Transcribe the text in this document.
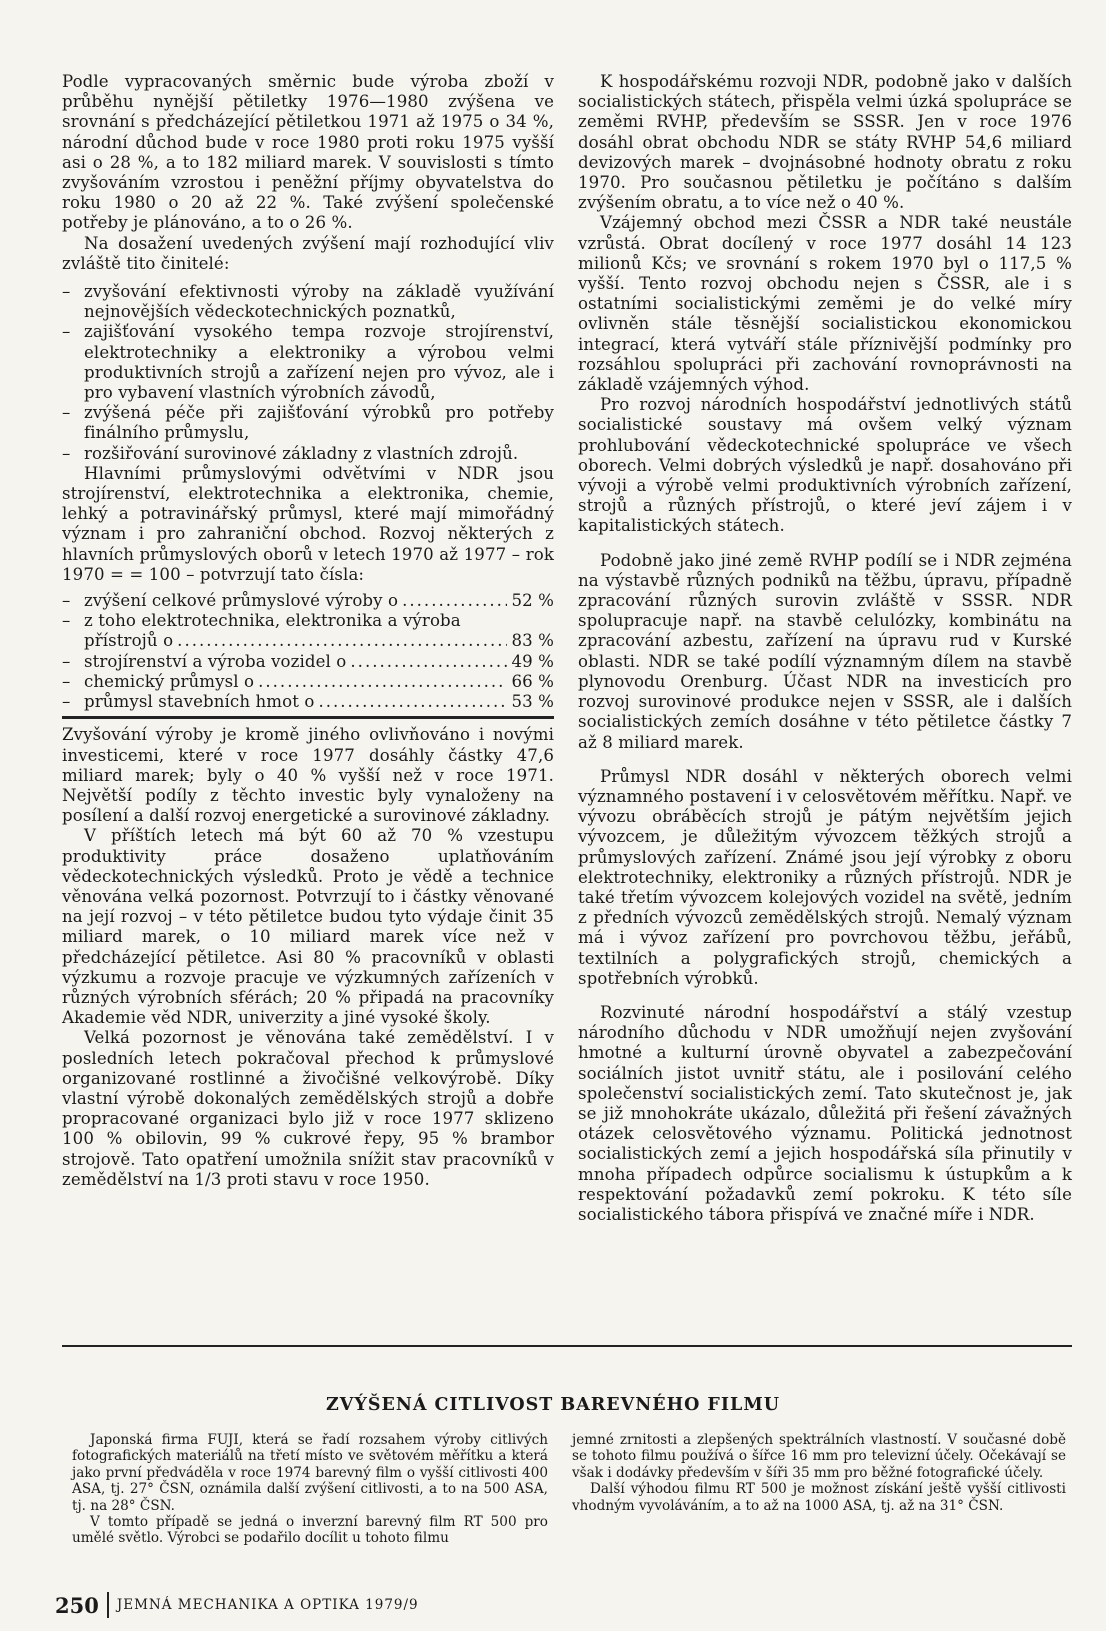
Podle vypracovaných směrnic bude výroba zboží v průběhu nynější pětiletky 1976—1980 zvýšena ve srovnání s předcházející pětiletkou 1971 až 1975 o 34 %, národní důchod bude v roce 1980 proti roku 1975 vyšší asi o 28 %, a to 182 miliard marek. V souvislosti s tímto zvyšováním vzrostou i peněžní příjmy obyvatelstva do roku 1980 o 20 až 22 %. Také zvýšení společenské potřeby je plánováno, a to o 26 %.

Na dosažení uvedených zvýšení mají rozhodující vliv zvláště tito činitelé:

– zvyšování efektivnosti výroby na základě využívání nejnovějších vědeckotechnických poznatků,
– zajišťování vysokého tempa rozvoje strojírenství, elektrotechniky a elektroniky a výrobou velmi produktivních strojů a zařízení nejen pro vývoz, ale i pro vybavení vlastních výrobních závodů,
– zvýšená péče při zajišťování výrobků pro potřeby finálního průmyslu,
– rozšiřování surovinové základny z vlastních zdrojů.

Hlavními průmyslovými odvětvími v NDR jsou strojírenství, elektrotechnika a elektronika, chemie, lehký a potravinářský průmysl, které mají mimořádný význam i pro zahraniční obchod. Rozvoj některých z hlavních průmyslových oborů v letech 1970 až 1977 – rok 1970 = = 100 – potvrzují tato čísla:

– zvýšení celkové průmyslové výroby o .....	52 %
– z toho elektrotechnika, elektronika a výroba
přístrojů o .....	83 %
– strojírenství a výroba vozidel o .....	49 %
– chemický průmysl o .....	66 %
– průmysl stavebních hmot o .....	53 %

Zvyšování výroby je kromě jiného ovlivňováno i novými investicemi, které v roce 1977 dosáhly částky 47,6 miliard marek; byly o 40 % vyšší než v roce 1971. Největší podíly z těchto investic byly vynaloženy na posílení a další rozvoj energetické a surovinové základny.

V příštích letech má být 60 až 70 % vzestupu produktivity práce dosaženo uplatňováním vědeckotechnických výsledků. Proto je vědě a technice věnována velká pozornost. Potvrzují to i částky věnované na její rozvoj – v této pětiletce budou tyto výdaje činit 35 miliard marek, o 10 miliard marek více než v předcházející pětiletce. Asi 80 % pracovníků v oblasti výzkumu a rozvoje pracuje ve výzkumných zařízeních v různých výrobních sférách; 20 % připadá na pracovníky Akademie věd NDR, univerzity a jiné vysoké školy.

Velká pozornost je věnována také zemědělství. I v posledních letech pokračoval přechod k průmyslové organizované rostlinné a živočišné velkovýrobě. Díky vlastní výrobě dokonalých zemědělských strojů a dobře propracované organizaci bylo již v roce 1977 sklizeno 100 % obilovin, 99 % cukrové řepy, 95 % brambor strojově. Tato opatření umožnila snížit stav pracovníků v zemědělství na 1/3 proti stavu v roce 1950.

K hospodářskému rozvoji NDR, podobně jako v dalších socialistických státech, přispěla velmi úzká spolupráce se zeměmi RVHP, především se SSSR. Jen v roce 1976 dosáhl obrat obchodu NDR se státy RVHP 54,6 miliard devizových marek – dvojnásobné hodnoty obratu z roku 1970. Pro současnou pětiletku je počítáno s dalším zvýšením obratu, a to více než o 40 %.

Vzájemný obchod mezi ČSSR a NDR také neustále vzrůstá. Obrat docílený v roce 1977 dosáhl 14 123 milionů Kčs; ve srovnání s rokem 1970 byl o 117,5 % vyšší. Tento rozvoj obchodu nejen s ČSSR, ale i s ostatními socialistickými zeměmi je do velké míry ovlivněn stále těsnější socialistickou ekonomickou integrací, která vytváří stále příznivější podmínky pro rozsáhlou spolupráci při zachování rovnoprávnosti na základě vzájemných výhod.

Pro rozvoj národních hospodářství jednotlivých států socialistické soustavy má ovšem velký význam prohlubování vědeckotechnické spolupráce ve všech oborech. Velmi dobrých výsledků je např. dosahováno při vývoji a výrobě velmi produktivních výrobních zařízení, strojů a různých přístrojů, o které jeví zájem i v kapitalistických státech.

Podobně jako jiné země RVHP podílí se i NDR zejména na výstavbě různých podniků na těžbu, úpravu, případně zpracování různých surovin zvláště v SSSR. NDR spolupracuje např. na stavbě celulózky, kombinátu na zpracování azbestu, zařízení na úpravu rud v Kurské oblasti. NDR se také podílí významným dílem na stavbě plynovodu Orenburg. Účast NDR na investicích pro rozvoj surovinové produkce nejen v SSSR, ale i dalších socialistických zemích dosáhne v této pětiletce částky 7 až 8 miliard marek.

Průmysl NDR dosáhl v některých oborech velmi významného postavení i v celosvětovém měřítku. Např. ve vývozu obráběcích strojů je pátým největším jejich vývozcem, je důležitým vývozcem těžkých strojů a průmyslových zařízení. Známé jsou její výrobky z oboru elektrotechniky, elektroniky a různých přístrojů. NDR je také třetím vývozcem kolejových vozidel na světě, jedním z předních vývozců zemědělských strojů. Nemalý význam má i vývoz zařízení pro povrchovou těžbu, jeřábů, textilních a polygrafických strojů, chemických a spotřebních výrobků.

Rozvinuté národní hospodářství a stálý vzestup národního důchodu v NDR umožňují nejen zvyšování hmotné a kulturní úrovně obyvatel a zabezpečování sociálních jistot uvnitř státu, ale i posilování celého společenství socialistických zemí. Tato skutečnost je, jak se již mnohokráte ukázalo, důležitá při řešení závažných otázek celosvětového významu. Politická jednotnost socialistických zemí a jejich hospodářská síla přinutily v mnoha případech odpůrce socialismu k ústupkům a k respektování požadavků zemí pokroku. K této síle socialistického tábora přispívá ve značné míře i NDR.

ZVÝŠENÁ CITLIVOST BAREVNÉHO FILMU

Japonská firma FUJI, která se řadí rozsahem výroby citlivých fotografických materiálů na třetí místo ve světovém měřítku a která jako první předváděla v roce 1974 barevný film o vyšší citlivosti 400 ASA, tj. 27° ČSN, oznámila další zvýšení citlivosti, a to na 500 ASA, tj. na 28° ČSN.

V tomto případě se jedná o inverzní barevný film RT 500 pro umělé světlo. Výrobci se podařilo docílit u tohoto filmu

jemné zrnitosti a zlepšených spektrálních vlastností. V současné době se tohoto filmu používá o šířce 16 mm pro televizní účely. Očekávají se však i dodávky především v šíři 35 mm pro běžné fotografické účely.

Další výhodou filmu RT 500 je možnost získání ještě vyšší citlivosti vhodným vyvoláváním, a to až na 1000 ASA, tj. až na 31° ČSN.

250 JEMNÁ MECHANIKA A OPTIKA 1979/9
